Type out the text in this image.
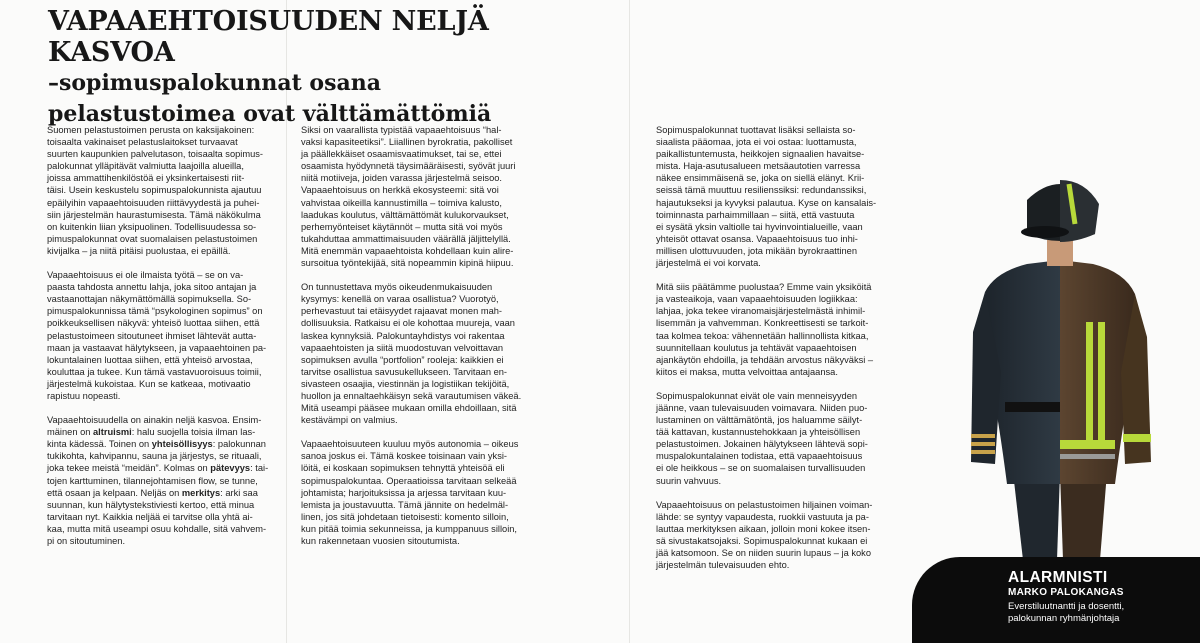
VAPAAEHTOISUUDEN NELJÄ KASVOA
–sopimuspalokunnat osana
pelastustoimea ovat välttämättömiä

Suomen pelastustoimen perusta on kaksijakoinen:
toisaalta vakinaiset pelastuslaitokset turvaavat
suurten kaupunkien palvelutason, toisaalta sopimus-
palokunnat ylläpitävät valmiutta laajoilla alueilla,
joissa ammattihenkilöstöä ei yksinkertaisesti riit-
täisi. Usein keskustelu sopimuspalokunnista ajautuu
epäilyihin vapaaehtoisuuden riittävyydestä ja puhei-
siin järjestelmän haurastumisesta. Tämä näkökulma
on kuitenkin liian yksipuolinen. Todellisuudessa so-
pimuspalokunnat ovat suomalaisen pelastustoimen
kivijalka – ja niitä pitäisi puolustaa, ei epäillä.

Vapaaehtoisuus ei ole ilmaista työtä – se on va-
paasta tahdosta annettu lahja, joka sitoo antajan ja
vastaanottajan näkymättömällä sopimuksella. So-
pimuspalokunnissa tämä “psykologinen sopimus” on
poikkeuksellisen näkyvä: yhteisö luottaa siihen, että
pelastustoimeen sitoutuneet ihmiset lähtevät autta-
maan ja vastaavat hälytykseen, ja vapaaehtoinen pa-
lokuntalainen luottaa siihen, että yhteisö arvostaa,
kouluttaa ja tukee. Kun tämä vastavuoroisuus toimii,
järjestelmä kukoistaa. Kun se katkeaa, motivaatio
rapistuu nopeasti.

Vapaaehtoisuudella on ainakin neljä kasvoa. Ensim-
mäinen on altruismi: halu suojella toisia ilman las-
kinta kädessä. Toinen on yhteisöllisyys: palokunnan
tukikohta, kahvipannu, sauna ja järjestys, se rituaali,
joka tekee meistä “meidän”. Kolmas on pätevyys: tai-
tojen karttuminen, tilannejohtamisen flow, se tunne,
että osaan ja kelpaan. Neljäs on merkitys: arki saa
suunnan, kun hälytystekstiviesti kertoo, että minua
tarvitaan nyt. Kaikkia neljää ei tarvitse olla yhtä ai-
kaa, mutta mitä useampi osuu kohdalle, sitä vahvem-
pi on sitoutuminen.

Siksi on vaarallista typistää vapaaehtoisuus “hal-
vaksi kapasiteetiksi”. Liiallinen byrokratia, pakolliset
ja päällekkäiset osaamisvaatimukset, tai se, ettei
osaamista hyödynnetä täysimääräisesti, syövät juuri
niitä motiiveja, joiden varassa järjestelmä seisoo.
Vapaaehtoisuus on herkkä ekosysteemi: sitä voi
vahvistaa oikeilla kannustimilla – toimiva kalusto,
laadukas koulutus, välttämättömät kulukorvaukset,
perhemyönteiset käytännöt – mutta sitä voi myös
tukahduttaa ammattimaisuuden väärällä jäljittelyllä.
Mitä enemmän vapaaehtoista kohdellaan kuin alire-
sursoitua työntekijää, sitä nopeammin kipinä hiipuu.

On tunnustettava myös oikeudenmukaisuuden
kysymys: kenellä on varaa osallistua? Vuorotyö,
perhevastuut tai etäisyydet rajaavat monen mah-
dollisuuksia. Ratkaisu ei ole kohottaa muureja, vaan
laskea kynnyksiä. Palokuntayhdistys voi rakentaa
vapaaehtoisten ja siitä muodostuvan velvoittavan
sopimuksen avulla “portfolion” rooleja: kaikkien ei
tarvitse osallistua savusukellukseen. Tarvitaan en-
sivasteen osaajia, viestinnän ja logistiikan tekijöitä,
huollon ja ennaltaehkäisyn sekä varautumisen väkeä.
Mitä useampi pääsee mukaan omilla ehdoillaan, sitä
kestävämpi on valmius.

Vapaaehtoisuuteen kuuluu myös autonomia – oikeus
sanoa joskus ei. Tämä koskee toisinaan vain yksi-
löitä, ei koskaan sopimuksen tehnyttä yhteisöä eli
sopimuspalokuntaa. Operaatioissa tarvitaan selkeää
johtamista; harjoituksissa ja arjessa tarvitaan kuu-
lemista ja joustavuutta. Tämä jännite on hedelmäl-
linen, jos sitä johdetaan tietoisesti: komento silloin,
kun pitää toimia sekunneissa, ja kumppanuus silloin,
kun rakennetaan vuosien sitoutumista.

Sopimuspalokunnat tuottavat lisäksi sellaista so-
siaalista pääomaa, jota ei voi ostaa: luottamusta,
paikallistuntemusta, heikkojen signaalien havaitse-
mista. Haja-asutusalueen metsäautotien varressa
näkee ensimmäisenä se, joka on siellä elänyt. Krii-
seissä tämä muuttuu resilienssiksi: redundanssiksi,
hajautukseksi ja kyvyksi palautua. Kyse on kansalais-
toiminnasta parhaimmillaan – siitä, että vastuuta
ei sysätä yksin valtiolle tai hyvinvointialueille, vaan
yhteisöt ottavat osansa. Vapaaehtoisuus tuo inhi-
millisen ulottuvuuden, jota mikään byrokraattinen
järjestelmä ei voi korvata.

Mitä siis päätämme puolustaa? Emme vain yksiköitä
ja vasteaikoja, vaan vapaaehtoisuuden logiikkaa:
lahjaa, joka tekee viranomaisjärjestelmästä inhimil-
lisemmän ja vahvemman. Konkreettisesti se tarkoit-
taa kolmea tekoa: vähennetään hallinnollista kitkaa,
suunnitellaan koulutus ja tehtävät vapaaehtoisen
ajankäytön ehdoilla, ja tehdään arvostus näkyväksi –
kiitos ei maksa, mutta velvoittaa antajaansa.

Sopimuspalokunnat eivät ole vain menneisyyden
jäänne, vaan tulevaisuuden voimavara. Niiden puo-
lustaminen on välttämätöntä, jos haluamme säilyt-
tää kattavan, kustannustehokkaan ja yhteisöllisen
pelastustoimen. Jokainen hälytykseen lähtevä sopi-
muspalokuntalainen todistaa, että vapaaehtoisuus
ei ole heikkous – se on suomalaisen turvallisuuden
suurin vahvuus.

Vapaaehtoisuus on pelastustoimen hiljainen voiman-
lähde: se syntyy vapaudesta, ruokkii vastuuta ja pa-
lauttaa merkityksen aikaan, jolloin moni kokee itsen-
sä sivustakatsojaksi. Sopimuspalokunnat kukaan ei
jää katsomoon. Se on niiden suurin lupaus – ja koko
järjestelmän tulevaisuuden ehto.

ALARMNISTI
MARKO PALOKANGAS
Everstiluutnantti ja dosentti,
palokunnan ryhmänjohtaja
